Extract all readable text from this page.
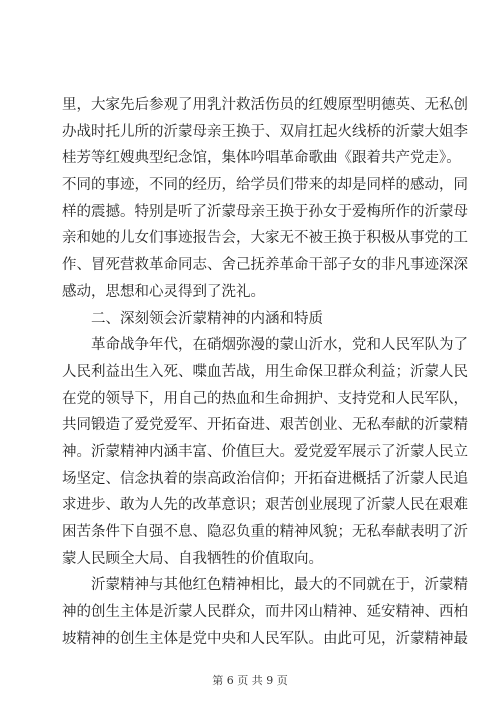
里，大家先后参观了用乳汁救活伤员的红嫂原型明德英、无私创
办战时托儿所的沂蒙母亲王换于、双肩扛起火线桥的沂蒙大姐李
桂芳等红嫂典型纪念馆，集体吟唱革命歌曲《跟着共产党走》。
不同的事迹，不同的经历，给学员们带来的却是同样的感动，同
样的震撼。特别是听了沂蒙母亲王换于孙女于爱梅所作的沂蒙母
亲和她的儿女们事迹报告会，大家无不被王换于积极从事党的工
作、冒死营救革命同志、舍己抚养革命干部子女的非凡事迹深深
感动，思想和心灵得到了洗礼。
二、深刻领会沂蒙精神的内涵和特质
革命战争年代，在硝烟弥漫的蒙山沂水，党和人民军队为了
人民利益出生入死、喋血苦战，用生命保卫群众利益；沂蒙人民
在党的领导下，用自己的热血和生命拥护、支持党和人民军队，
共同锻造了爱党爱军、开拓奋进、艰苦创业、无私奉献的沂蒙精
神。沂蒙精神内涵丰富、价值巨大。爱党爱军展示了沂蒙人民立
场坚定、信念执着的崇高政治信仰；开拓奋进概括了沂蒙人民追
求进步、敢为人先的改革意识；艰苦创业展现了沂蒙人民在艰难
困苦条件下自强不息、隐忍负重的精神风貌；无私奉献表明了沂
蒙人民顾全大局、自我牺牲的价值取向。
沂蒙精神与其他红色精神相比，最大的不同就在于，沂蒙精
神的创生主体是沂蒙人民群众，而井冈山精神、延安精神、西柏
坡精神的创生主体是党中央和人民军队。由此可见，沂蒙精神最
第 6 页 共 9 页
